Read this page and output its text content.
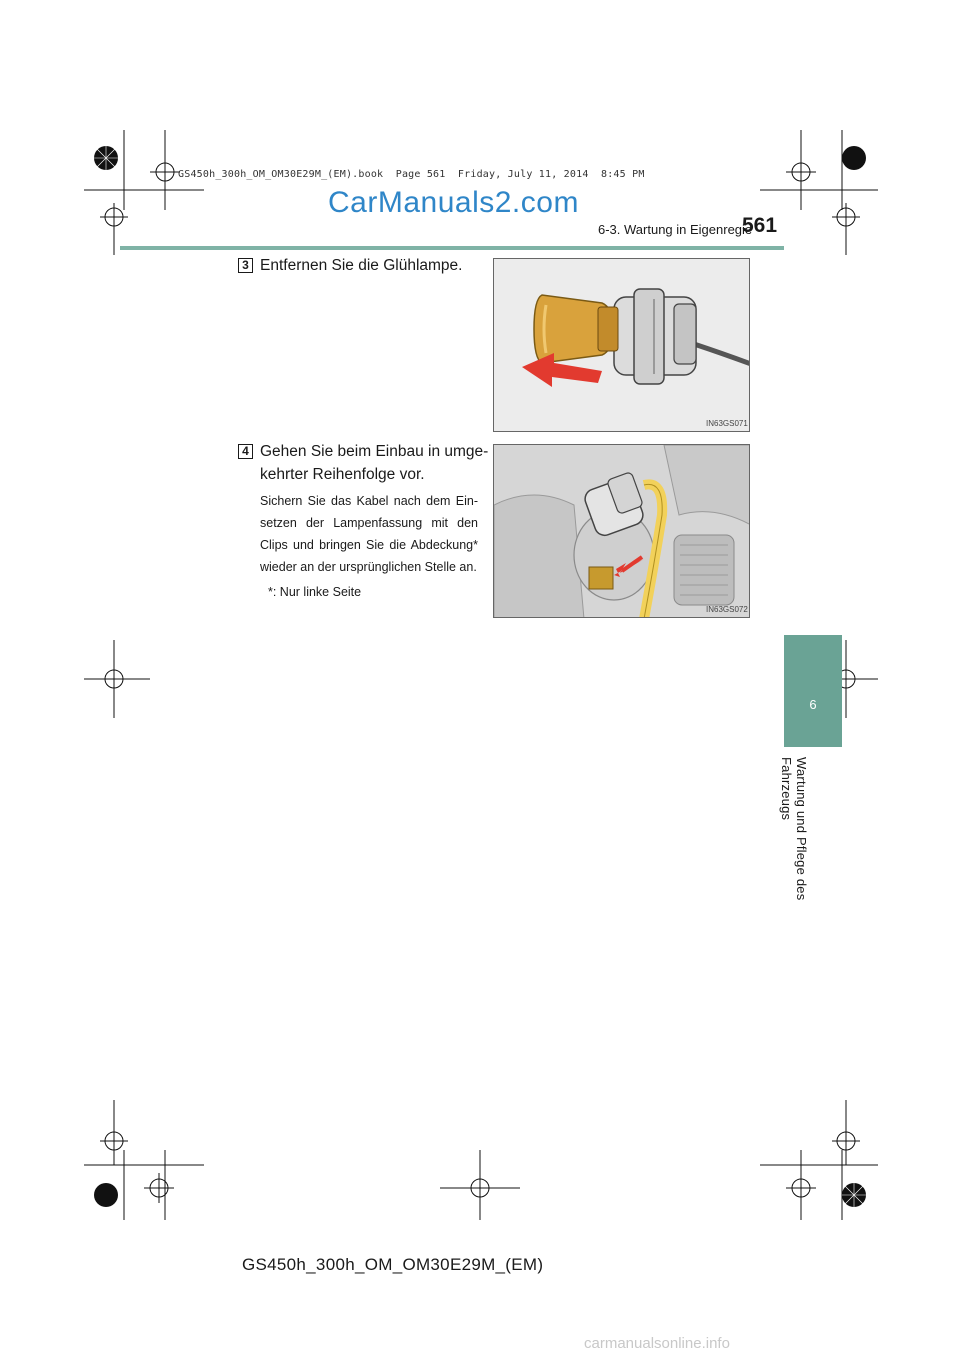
GS450h_300h_OM_OM30E29M_(EM).book  Page 561  Friday, July 11, 2014  8:45 PM
CarManuals2.com
6-3. Wartung in Eigenregie
561
6
Wartung und Pflege des Fahrzeugs
3 Entfernen Sie die Glühlampe.
IN63GS071
4 Gehen Sie beim Einbau in umge-
kehrter Reihenfolge vor.
Sichern Sie das Kabel nach dem Ein-
setzen der Lampenfassung mit den
Clips und bringen Sie die Abdeckung*
wieder an der ursprünglichen Stelle an.
*: Nur linke Seite
IN63GS072
GS450h_300h_OM_OM30E29M_(EM)
carmanualsonline.info
